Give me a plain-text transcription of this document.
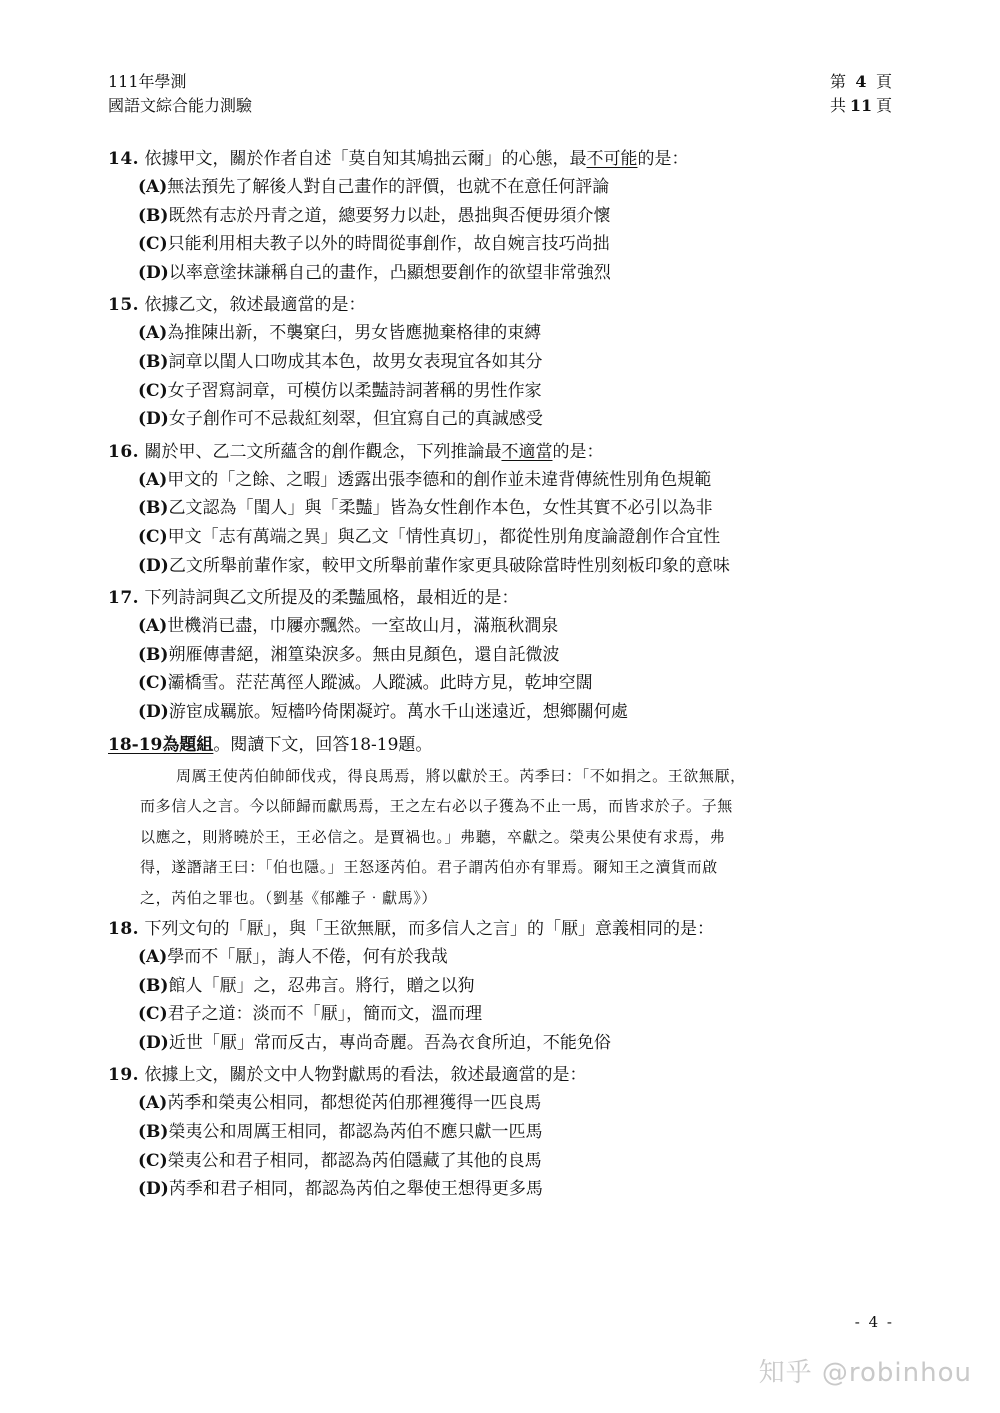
111年學測
國語文綜合能力測驗
第 4 頁
共 11 頁
14. 依據甲文，關於作者自述「莫自知其鳩拙云爾」的心態，最不可能的是：
(A)無法預先了解後人對自己畫作的評價，也就不在意任何評論
(B)既然有志於丹青之道，總要努力以赴，愚拙與否便毋須介懷
(C)只能利用相夫教子以外的時間從事創作，故自婉言技巧尚拙
(D)以率意塗抹謙稱自己的畫作，凸顯想要創作的欲望非常強烈
15. 依據乙文，敘述最適當的是：
(A)為推陳出新，不襲窠臼，男女皆應拋棄格律的束縛
(B)詞章以閨人口吻成其本色，故男女表現宜各如其分
(C)女子習寫詞章，可模仿以柔豔詩詞著稱的男性作家
(D)女子創作可不忌裁紅刻翠，但宜寫自己的真誠感受
16. 關於甲、乙二文所蘊含的創作觀念，下列推論最不適當的是：
(A)甲文的「之餘、之暇」透露出張李德和的創作並未違背傳統性別角色規範
(B)乙文認為「閨人」與「柔豔」皆為女性創作本色，女性其實不必引以為非
(C)甲文「志有萬端之異」與乙文「情性真切」，都從性別角度論證創作合宜性
(D)乙文所舉前輩作家，較甲文所舉前輩作家更具破除當時性別刻板印象的意味
17. 下列詩詞與乙文所提及的柔豔風格，最相近的是：
(A)世機消已盡，巾屨亦飄然。一室故山月，滿瓶秋澗泉
(B)朔雁傳書絕，湘篁染淚多。無由見顏色，還自託微波
(C)灞橋雪。茫茫萬徑人蹤滅。人蹤滅。此時方見，乾坤空闊
(D)游宦成羈旅。短檣吟倚閑凝竚。萬水千山迷遠近，想鄉關何處
18-19為題組。閱讀下文，回答18-19題。
周厲王使芮伯帥師伐戎，得良馬焉，將以獻於王。芮季曰：「不如捐之。王欲無厭，
而多信人之言。今以師歸而獻馬焉，王之左右必以子獲為不止一馬，而皆求於子。子無
以應之，則將曉於王，王必信之。是賈禍也。」弗聽，卒獻之。榮夷公果使有求焉，弗
得，遂譖諸王曰：「伯也隱。」王怒逐芮伯。君子謂芮伯亦有罪焉。爾知王之瀆貨而啟
之，芮伯之罪也。（劉基《郁離子‧獻馬》）
18. 下列文句的「厭」，與「王欲無厭，而多信人之言」的「厭」意義相同的是：
(A)學而不「厭」，誨人不倦，何有於我哉
(B)館人「厭」之，忍弗言。將行，贈之以狗
(C)君子之道：淡而不「厭」，簡而文，溫而理
(D)近世「厭」常而反古，專尚奇麗。吾為衣食所迫，不能免俗
19. 依據上文，關於文中人物對獻馬的看法，敘述最適當的是：
(A)芮季和榮夷公相同，都想從芮伯那裡獲得一匹良馬
(B)榮夷公和周厲王相同，都認為芮伯不應只獻一匹馬
(C)榮夷公和君子相同，都認為芮伯隱藏了其他的良馬
(D)芮季和君子相同，都認為芮伯之舉使王想得更多馬
- 4 -
知乎 @robinhou
